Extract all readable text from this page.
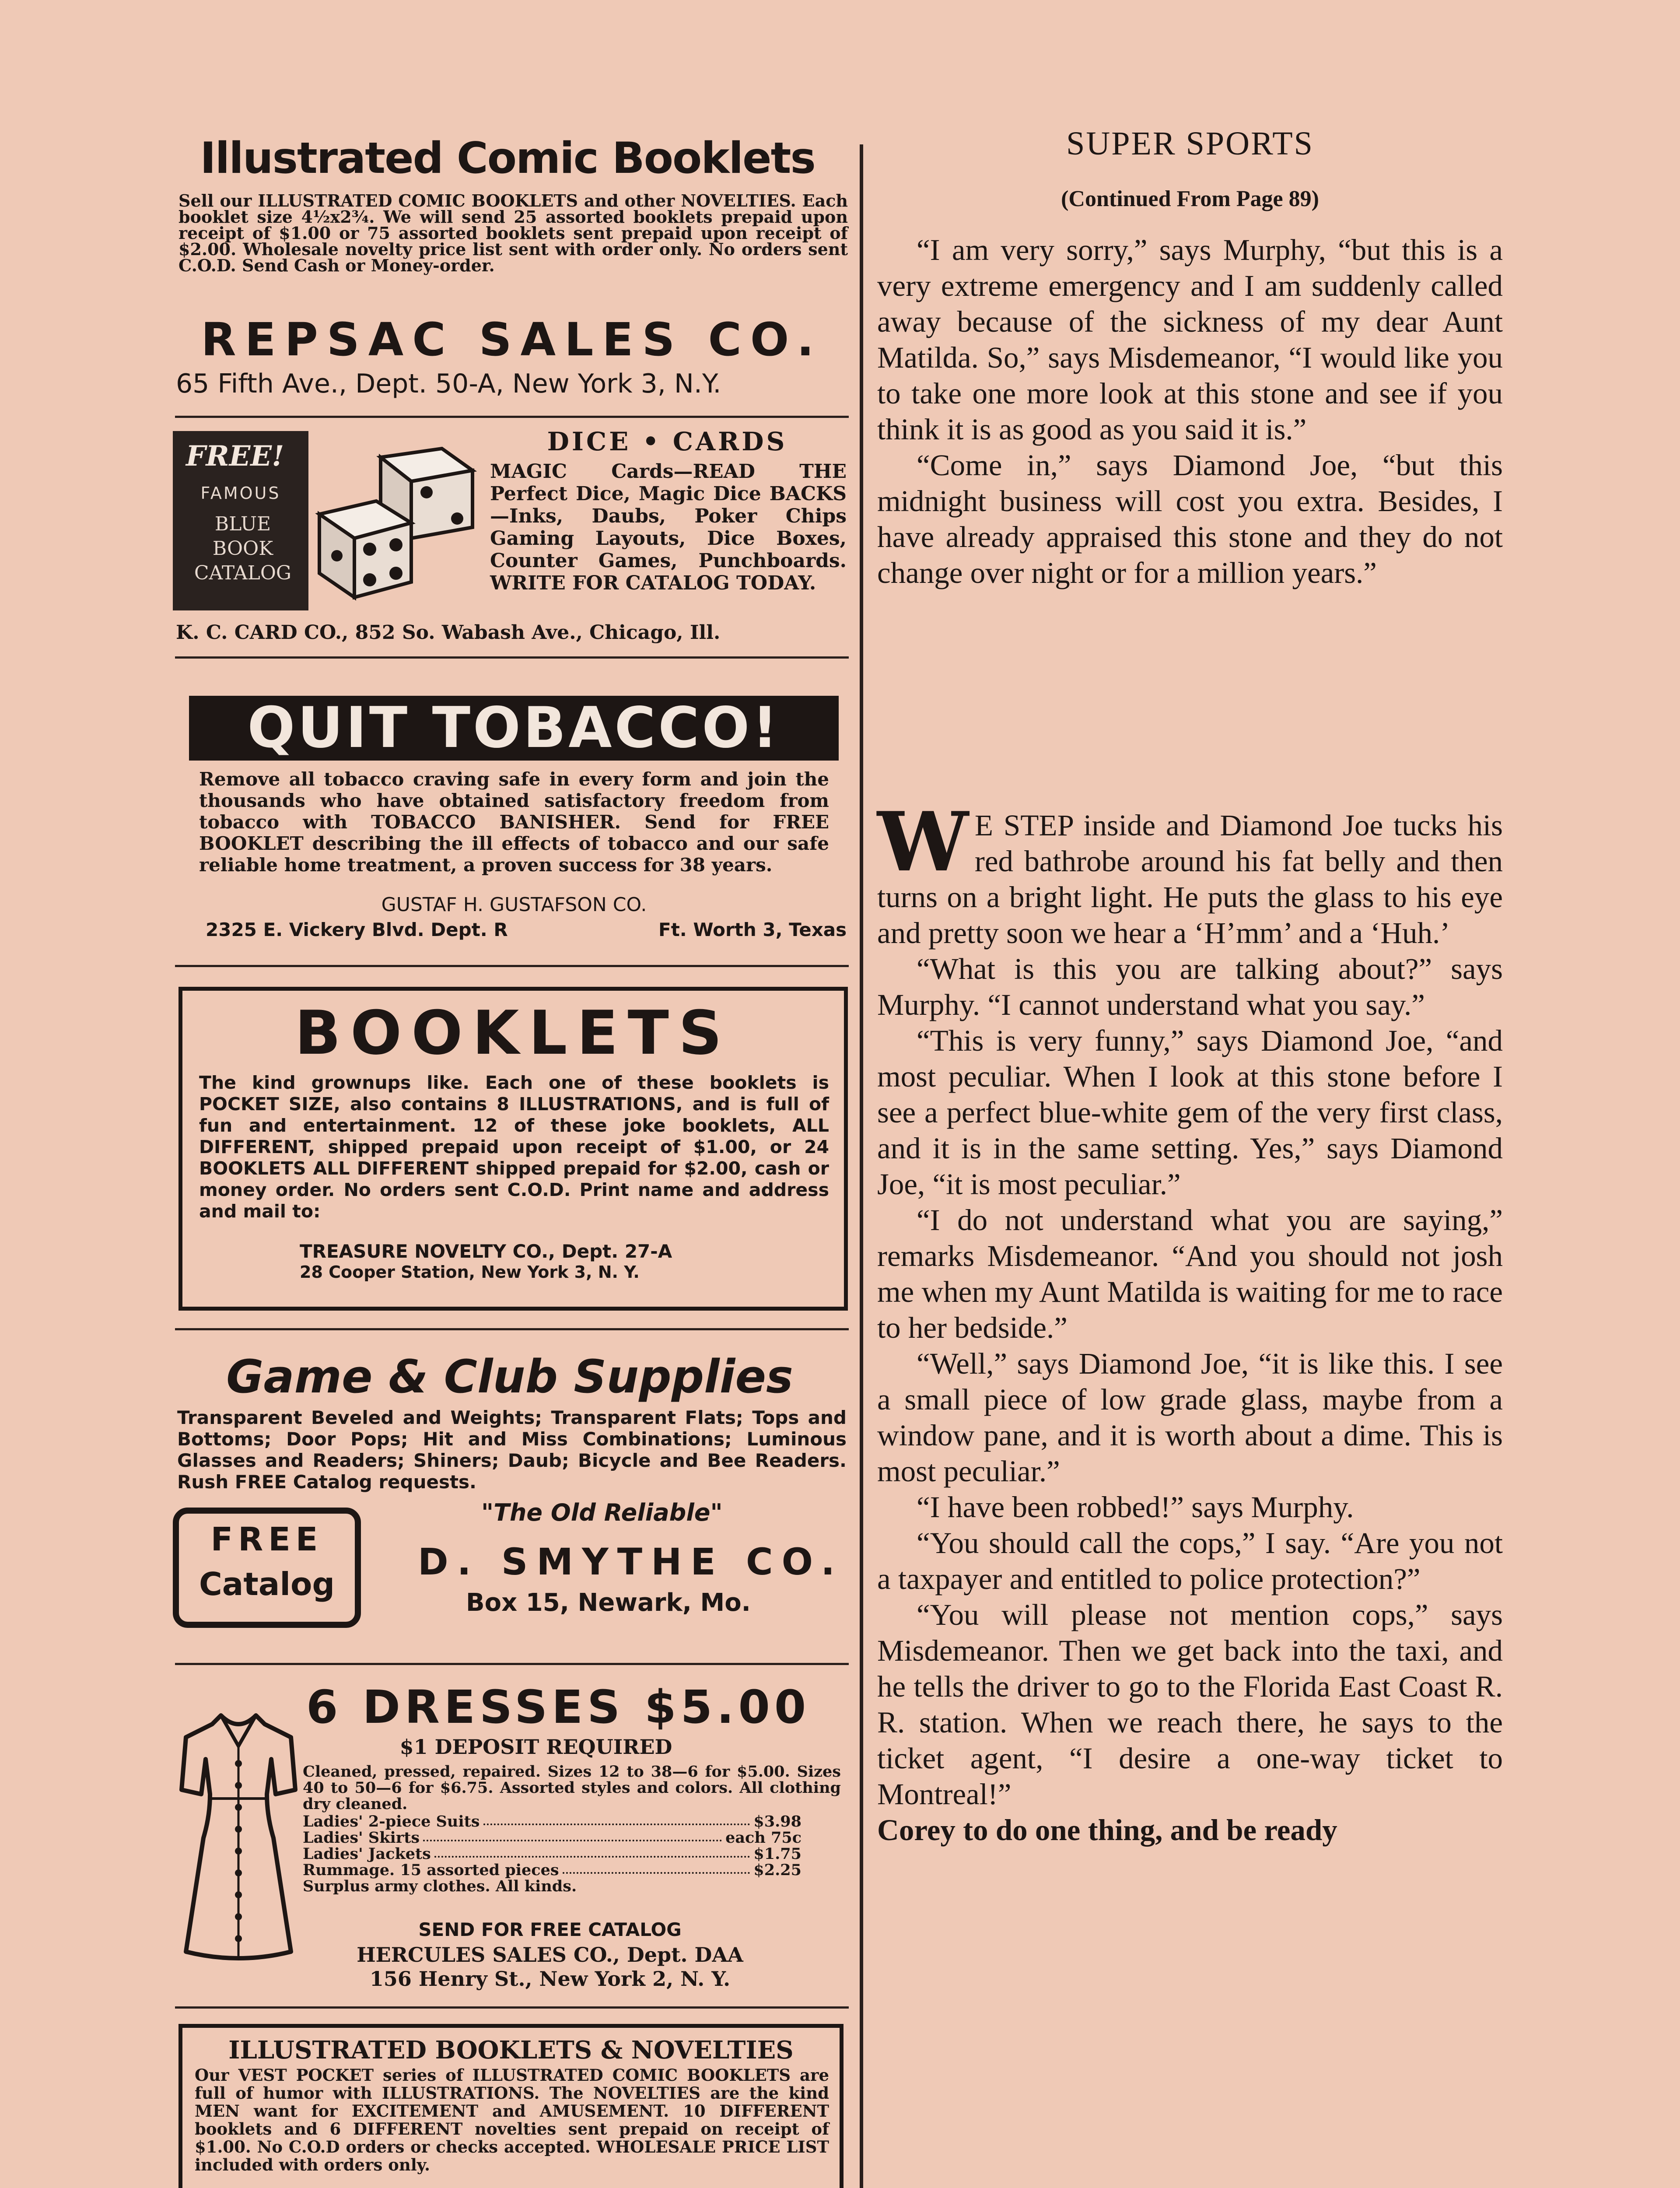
Illustrated Comic Booklets
Sell our ILLUSTRATED COMIC BOOKLETS and other NOVELTIES. Each booklet size 4½x2¾. We will send 25 assorted booklets prepaid upon receipt of $1.00 or 75 assorted booklets sent prepaid upon receipt of $2.00. Wholesale novelty price list sent with order only. No orders sent C.O.D. Send Cash or Money-order.
REPSAC SALES CO.
65 Fifth Ave., Dept. 50-A, New York 3, N.Y.
FREE!
FAMOUS
BLUE BOOK CATALOG
DICE • CARDS
MAGIC Cards—READ THE Perfect Dice, Magic Dice BACKS—Inks, Daubs, Poker Chips Gaming Layouts, Dice Boxes, Counter Games, Punchboards. WRITE FOR CATALOG TODAY.
K. C. CARD CO., 852 So. Wabash Ave., Chicago, Ill.
QUIT TOBACCO!
Remove all tobacco craving safe in every form and join the thousands who have obtained satisfactory freedom from tobacco with TOBACCO BANISHER. Send for FREE BOOKLET describing the ill effects of tobacco and our safe reliable home treatment, a proven success for 38 years.
GUSTAF H. GUSTAFSON CO.
2325 E. Vickery Blvd. Dept. R	Ft. Worth 3, Texas
BOOKLETS
The kind grownups like. Each one of these booklets is POCKET SIZE, also contains 8 ILLUSTRATIONS, and is full of fun and entertainment. 12 of these joke booklets, ALL DIFFERENT, shipped prepaid upon receipt of $1.00, or 24 BOOKLETS ALL DIFFERENT shipped prepaid for $2.00, cash or money order. No orders sent C.O.D. Print name and address and mail to:
TREASURE NOVELTY CO., Dept. 27-A
28 Cooper Station, New York 3, N. Y.
Game & Club Supplies
Transparent Beveled and Weights; Transparent Flats; Tops and Bottoms; Door Pops; Hit and Miss Combinations; Luminous Glasses and Readers; Shiners; Daub; Bicycle and Bee Readers. Rush FREE Catalog requests.
"The Old Reliable"
FREE
Catalog
D. SMYTHE CO.
Box 15, Newark, Mo.
6 DRESSES $5.00
$1 DEPOSIT REQUIRED
Cleaned, pressed, repaired. Sizes 12 to 38—6 for $5.00. Sizes 40 to 50—6 for $6.75. Assorted styles and colors. All clothing dry cleaned.
Ladies' 2-piece Suits	$3.98
Ladies' Skirts	each 75c
Ladies' Jackets	$1.75
Rummage. 15 assorted pieces	$2.25
Surplus army clothes. All kinds.
SEND FOR FREE CATALOG
HERCULES SALES CO., Dept. DAA
156 Henry St., New York 2, N. Y.
ILLUSTRATED BOOKLETS & NOVELTIES
Our VEST POCKET series of ILLUSTRATED COMIC BOOKLETS are full of humor with ILLUSTRATIONS. The NOVELTIES are the kind MEN want for EXCITEMENT and AMUSEMENT. 10 DIFFERENT booklets and 6 DIFFERENT novelties sent prepaid on receipt of $1.00. No C.O.D orders or checks accepted. WHOLESALE PRICE LIST included with orders only.
SUPER SPORTS
(Continued From Page 89)

“I am very sorry,” says Murphy, “but this is a very extreme emergency and I am suddenly called away because of the sickness of my dear Aunt Matilda. So,” says Misdemeanor, “I would like you to take one more look at this stone and see if you think it is as good as you said it is.”

“Come in,” says Diamond Joe, “but this midnight business will cost you extra. Besides, I have already appraised this stone and they do not change over night or for a million years.”

W E STEP inside and Diamond Joe tucks his red bathrobe around his fat belly and then turns on a bright light. He puts the glass to his eye and pretty soon we hear a ‘H’mm’ and a ‘Huh.’

“What is this you are talking about?” says Murphy. “I cannot understand what you say.”

“This is very funny,” says Diamond Joe, “and most peculiar. When I look at this stone before I see a perfect blue-white gem of the very first class, and it is in the same setting. Yes,” says Diamond Joe, “it is most peculiar.”

“I do not understand what you are saying,” remarks Misdemeanor. “And you should not josh me when my Aunt Matilda is waiting for me to race to her bedside.”

“Well,” says Diamond Joe, “it is like this. I see a small piece of low grade glass, maybe from a window pane, and it is worth about a dime. This is most peculiar.”

“I have been robbed!” says Murphy.

“You should call the cops,” I say. “Are you not a taxpayer and entitled to police protection?”

“You will please not mention cops,” says Misdemeanor. Then we get back into the taxi, and he tells the driver to go to the Florida East Coast R. R. station. When we reach there, he says to the ticket agent, “I desire a one-way ticket to Montreal!”

Corey to do one thing, and be ready
